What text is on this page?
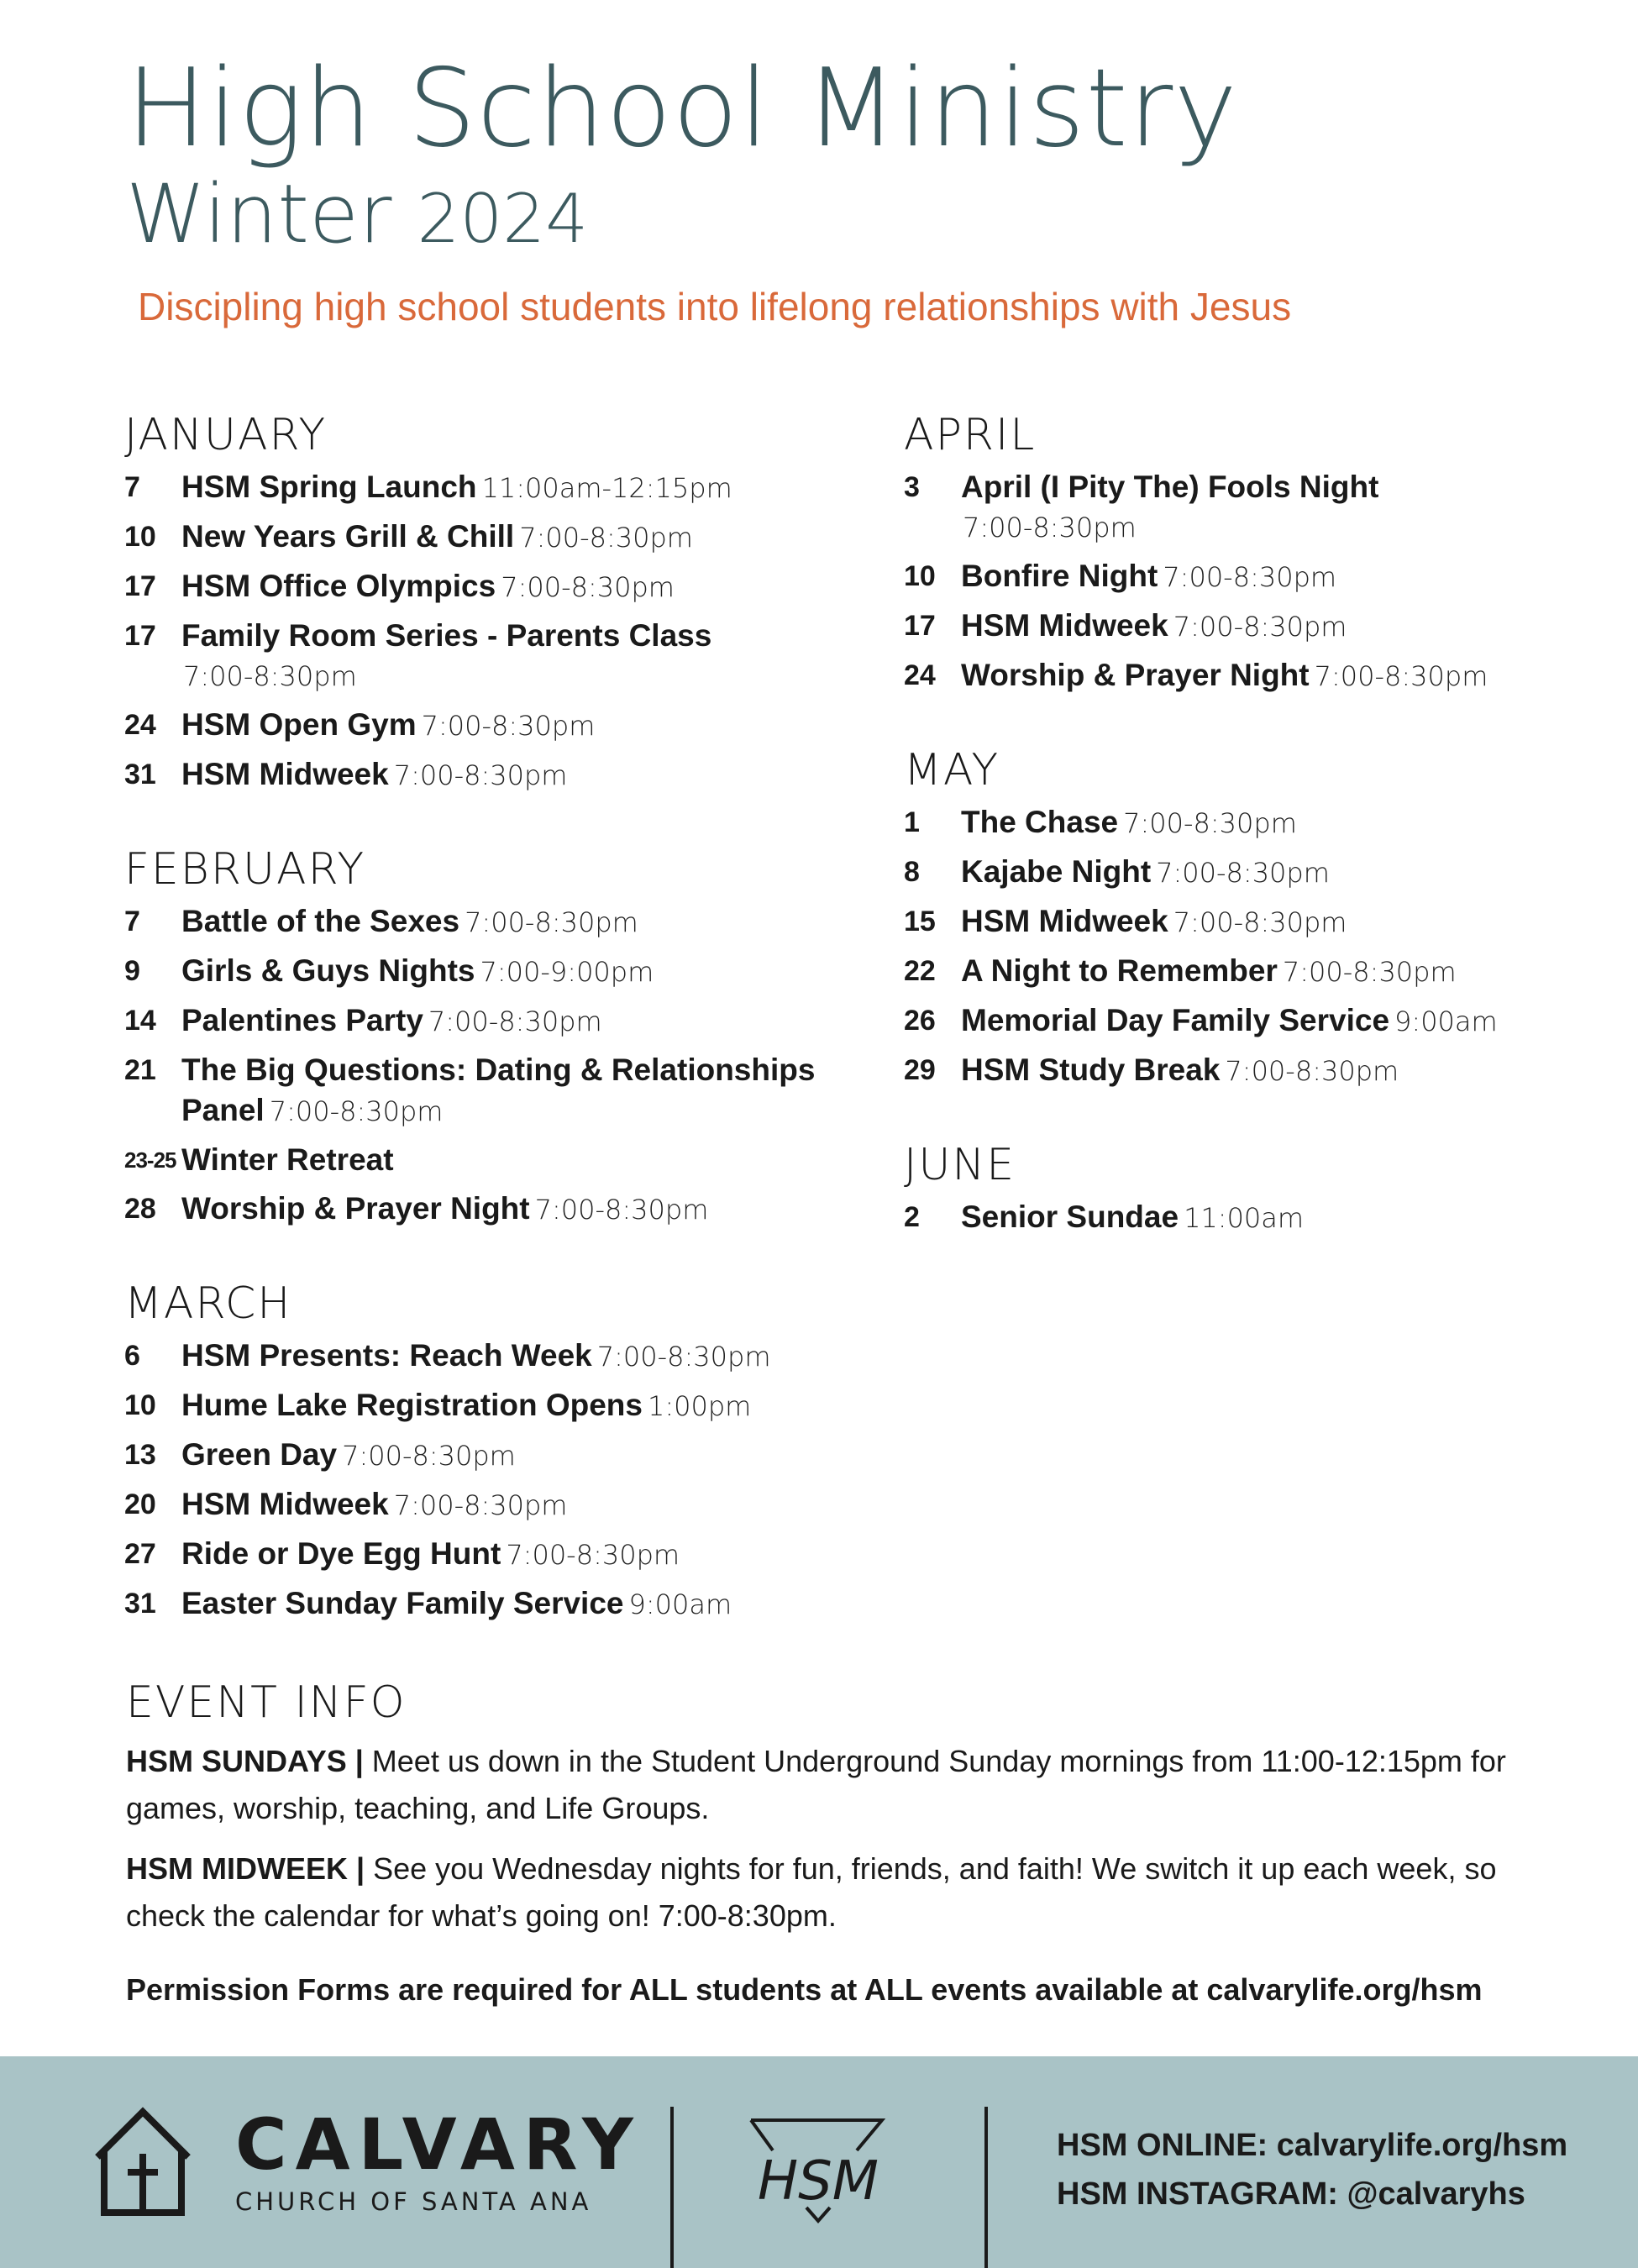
High School Ministry
Winter 2024
Discipling high school students into lifelong relationships with Jesus
JANUARY
7	HSM Spring Launch 11:00am-12:15pm
10 New Years Grill & Chill 7:00-8:30pm
17 HSM Office Olympics 7:00-8:30pm
17 Family Room Series - Parents Class
7:00-8:30pm
24 HSM Open Gym 7:00-8:30pm
31 HSM Midweek 7:00-8:30pm
FEBRUARY
7	Battle of the Sexes 7:00-8:30pm
9	Girls & Guys Nights 7:00-9:00pm
14 Palentines Party 7:00-8:30pm
21 The Big Questions: Dating & Relationships Panel 7:00-8:30pm
23-25 Winter Retreat
28 Worship & Prayer Night 7:00-8:30pm
MARCH
6	HSM Presents: Reach Week 7:00-8:30pm
10 Hume Lake Registration Opens 1:00pm
13 Green Day 7:00-8:30pm
20 HSM Midweek 7:00-8:30pm
27 Ride or Dye Egg Hunt 7:00-8:30pm
31 Easter Sunday Family Service 9:00am
APRIL
3	April (I Pity The) Fools Night
7:00-8:30pm
10 Bonfire Night 7:00-8:30pm
17 HSM Midweek 7:00-8:30pm
24 Worship & Prayer Night 7:00-8:30pm
MAY
1	The Chase 7:00-8:30pm
8	Kajabe Night 7:00-8:30pm
15 HSM Midweek 7:00-8:30pm
22 A Night to Remember 7:00-8:30pm
26 Memorial Day Family Service 9:00am
29 HSM Study Break 7:00-8:30pm
JUNE
2	Senior Sundae 11:00am
EVENT INFO

HSM SUNDAYS | Meet us down in the Student Underground Sunday mornings from 11:00-12:15pm for games, worship, teaching, and Life Groups.

HSM MIDWEEK | See you Wednesday nights for fun, friends, and faith! We switch it up each week, so check the calendar for what’s going on! 7:00-8:30pm.

Permission Forms are required for ALL students at ALL events available at calvarylife.org/hsm

CALVARY
CHURCH OF SANTA ANA	HSM
HSM ONLINE: calvarylife.org/hsm
HSM INSTAGRAM: @calvaryhs
